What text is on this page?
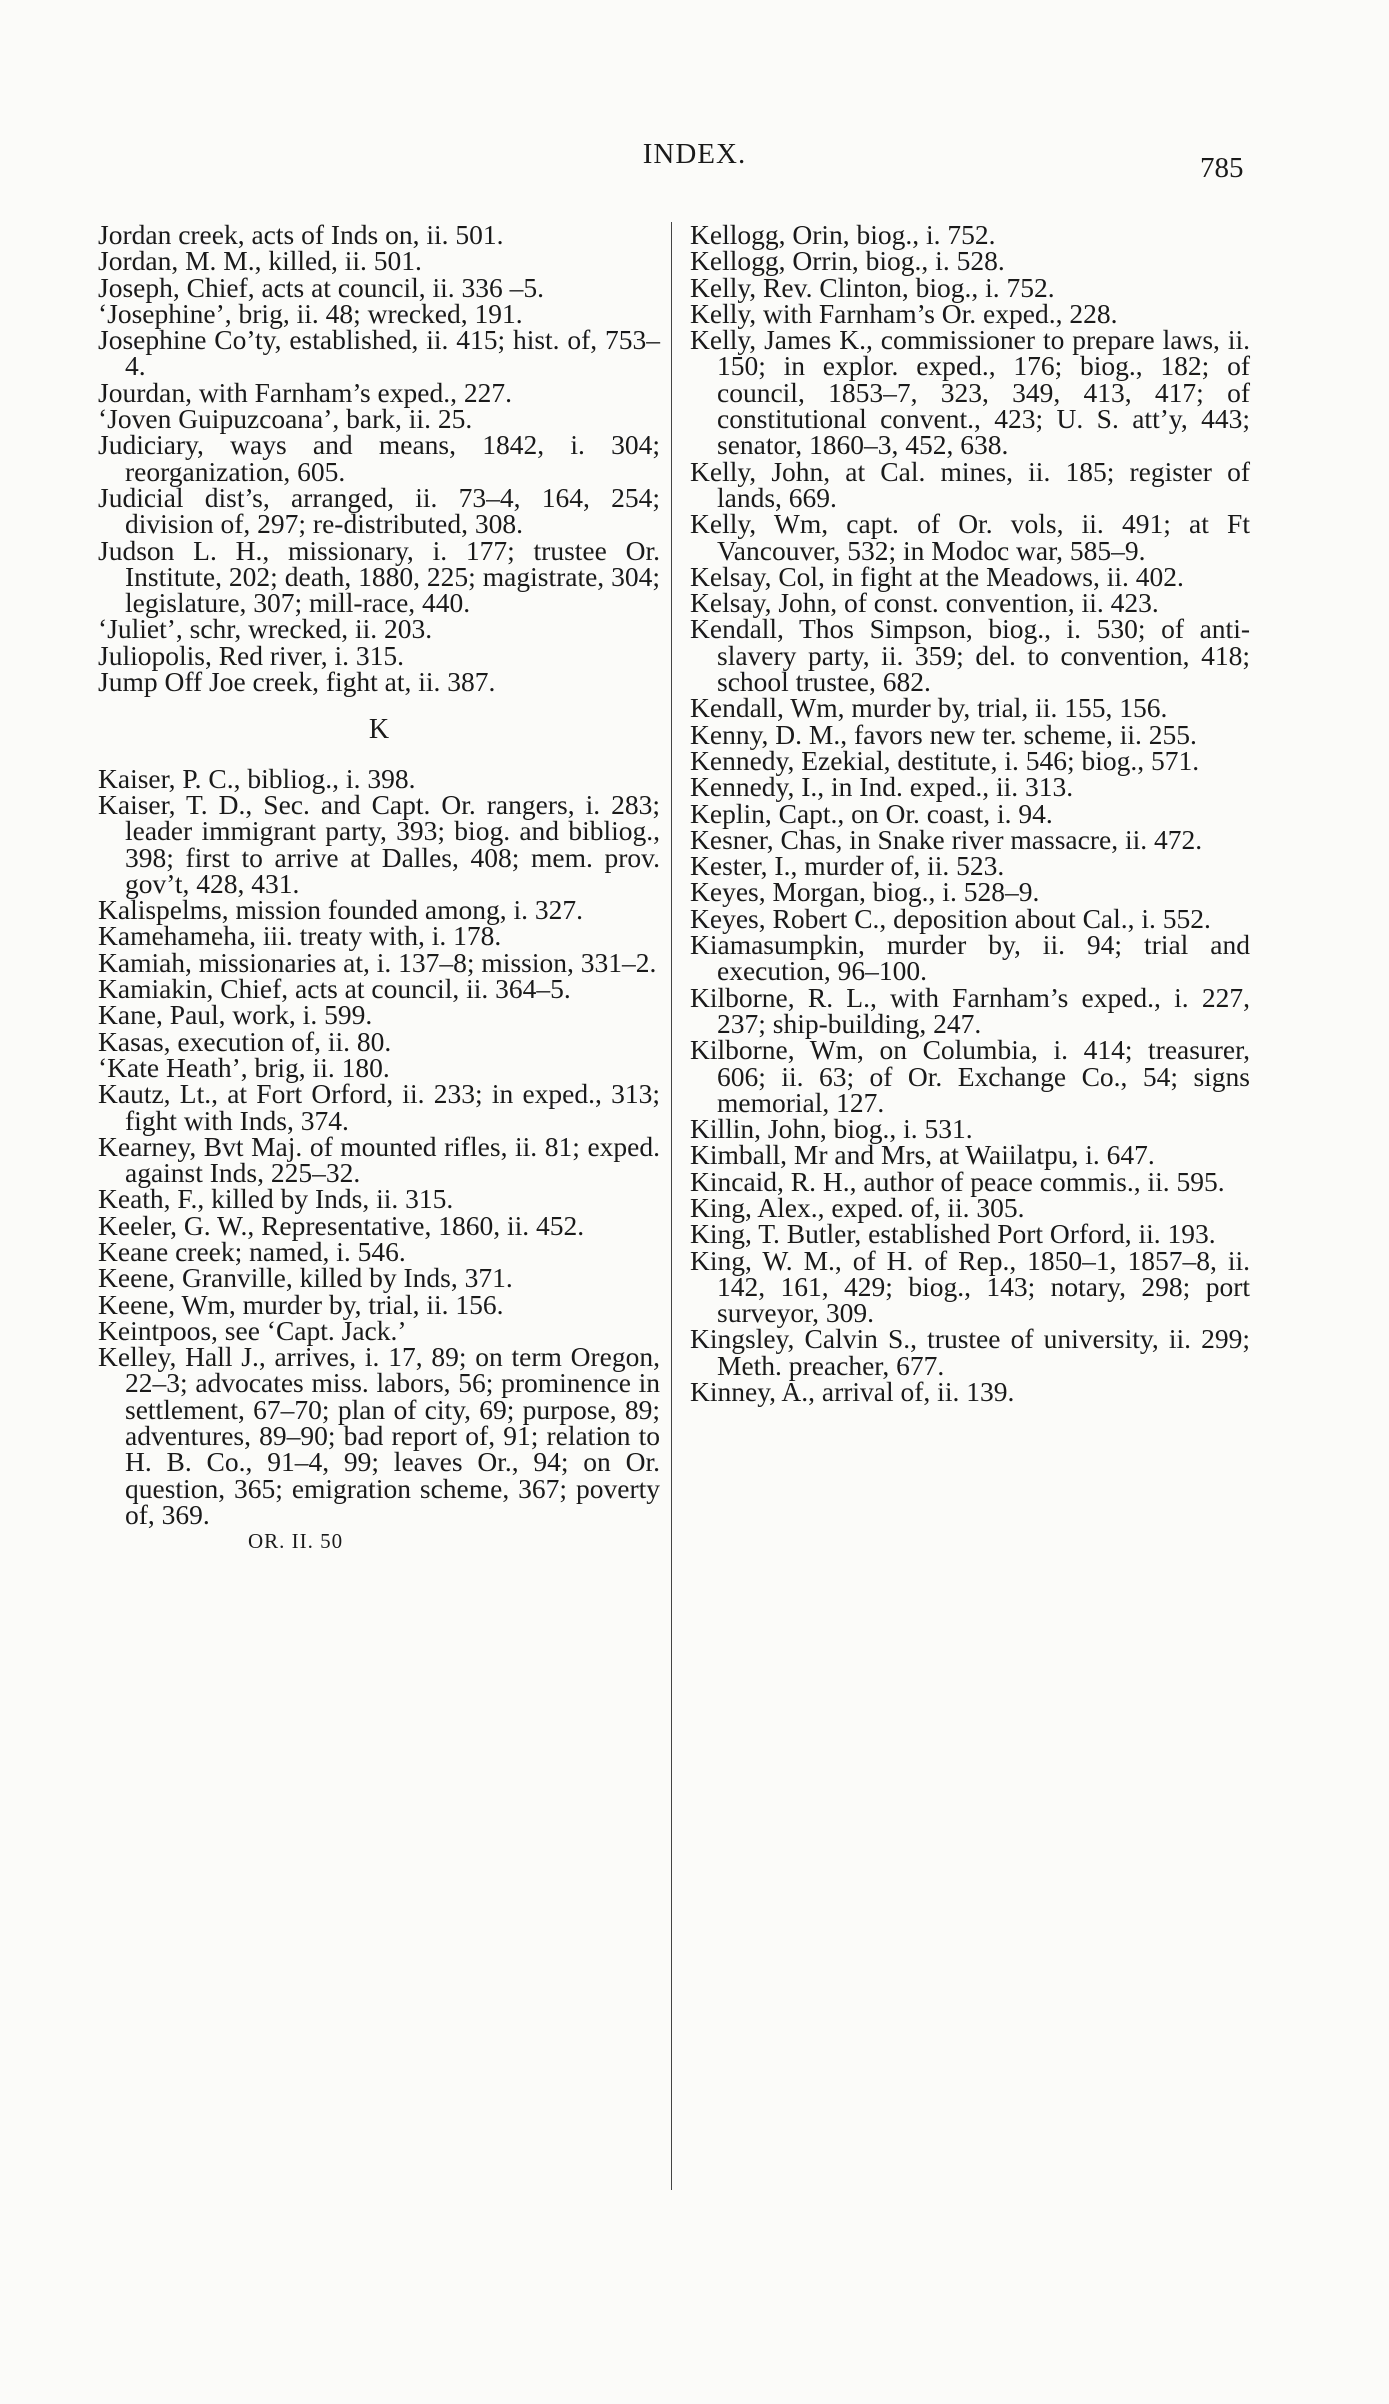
INDEX.	785

Jordan creek, acts of Inds on, ii. 501.

Jordan, M. M., killed, ii. 501.

Joseph, Chief, acts at council, ii. 336 –5.

‘Josephine’, brig, ii. 48; wrecked, 191.

Josephine Co’ty, established, ii. 415; hist. of, 753–4.

Jourdan, with Farnham’s exped., 227.

‘Joven Guipuzcoana’, bark, ii. 25.

Judiciary, ways and means, 1842, i. 304; reorganization, 605.

Judicial dist’s, arranged, ii. 73–4, 164, 254; division of, 297; re-distributed, 308.

Judson L. H., missionary, i. 177; trustee Or. Institute, 202; death, 1880, 225; magistrate, 304; legislature, 307; mill-race, 440.

‘Juliet’, schr, wrecked, ii. 203.

Juliopolis, Red river, i. 315.

Jump Off Joe creek, fight at, ii. 387.

K

Kaiser, P. C., bibliog., i. 398.

Kaiser, T. D., Sec. and Capt. Or. rangers, i. 283; leader immigrant party, 393; biog. and bibliog., 398; first to arrive at Dalles, 408; mem. prov. gov’t, 428, 431.

Kalispelms, mission founded among, i. 327.

Kamehameha, iii. treaty with, i. 178.

Kamiah, missionaries at, i. 137–8; mission, 331–2.

Kamiakin, Chief, acts at council, ii. 364–5.

Kane, Paul, work, i. 599.

Kasas, execution of, ii. 80.

‘Kate Heath’, brig, ii. 180.

Kautz, Lt., at Fort Orford, ii. 233; in exped., 313; fight with Inds, 374.

Kearney, Bvt Maj. of mounted rifles, ii. 81; exped. against Inds, 225–32.

Keath, F., killed by Inds, ii. 315.

Keeler, G. W., Representative, 1860, ii. 452.

Keane creek; named, i. 546.

Keene, Granville, killed by Inds, 371.

Keene, Wm, murder by, trial, ii. 156.

Keintpoos, see ‘Capt. Jack.’

Kelley, Hall J., arrives, i. 17, 89; on term Oregon, 22–3; advocates miss. labors, 56; prominence in settlement, 67–70; plan of city, 69; purpose, 89; adventures, 89–90; bad report of, 91; relation to H. B. Co., 91–4, 99; leaves Or., 94; on Or. question, 365; emigration scheme, 367; poverty of, 369.

OR. II. 50

Kellogg, Orin, biog., i. 752.

Kellogg, Orrin, biog., i. 528.

Kelly, Rev. Clinton, biog., i. 752.

Kelly, with Farnham’s Or. exped., 228.

Kelly, James K., commissioner to prepare laws, ii. 150; in explor. exped., 176; biog., 182; of council, 1853–7, 323, 349, 413, 417; of constitutional convent., 423; U. S. att’y, 443; senator, 1860–3, 452, 638.

Kelly, John, at Cal. mines, ii. 185; register of lands, 669.

Kelly, Wm, capt. of Or. vols, ii. 491; at Ft Vancouver, 532; in Modoc war, 585–9.

Kelsay, Col, in fight at the Meadows, ii. 402.

Kelsay, John, of const. convention, ii. 423.

Kendall, Thos Simpson, biog., i. 530; of anti-slavery party, ii. 359; del. to convention, 418; school trustee, 682.

Kendall, Wm, murder by, trial, ii. 155, 156.

Kenny, D. M., favors new ter. scheme, ii. 255.

Kennedy, Ezekial, destitute, i. 546; biog., 571.

Kennedy, I., in Ind. exped., ii. 313.

Keplin, Capt., on Or. coast, i. 94.

Kesner, Chas, in Snake river massacre, ii. 472.

Kester, I., murder of, ii. 523.

Keyes, Morgan, biog., i. 528–9.

Keyes, Robert C., deposition about Cal., i. 552.

Kiamasumpkin, murder by, ii. 94; trial and execution, 96–100.

Kilborne, R. L., with Farnham’s exped., i. 227, 237; ship-building, 247.

Kilborne, Wm, on Columbia, i. 414; treasurer, 606; ii. 63; of Or. Exchange Co., 54; signs memorial, 127.

Killin, John, biog., i. 531.

Kimball, Mr and Mrs, at Waiilatpu, i. 647.

Kincaid, R. H., author of peace commis., ii. 595.

King, Alex., exped. of, ii. 305.

King, T. Butler, established Port Orford, ii. 193.

King, W. M., of H. of Rep., 1850–1, 1857–8, ii. 142, 161, 429; biog., 143; notary, 298; port surveyor, 309.

Kingsley, Calvin S., trustee of university, ii. 299; Meth. preacher, 677.

Kinney, A., arrival of, ii. 139.
